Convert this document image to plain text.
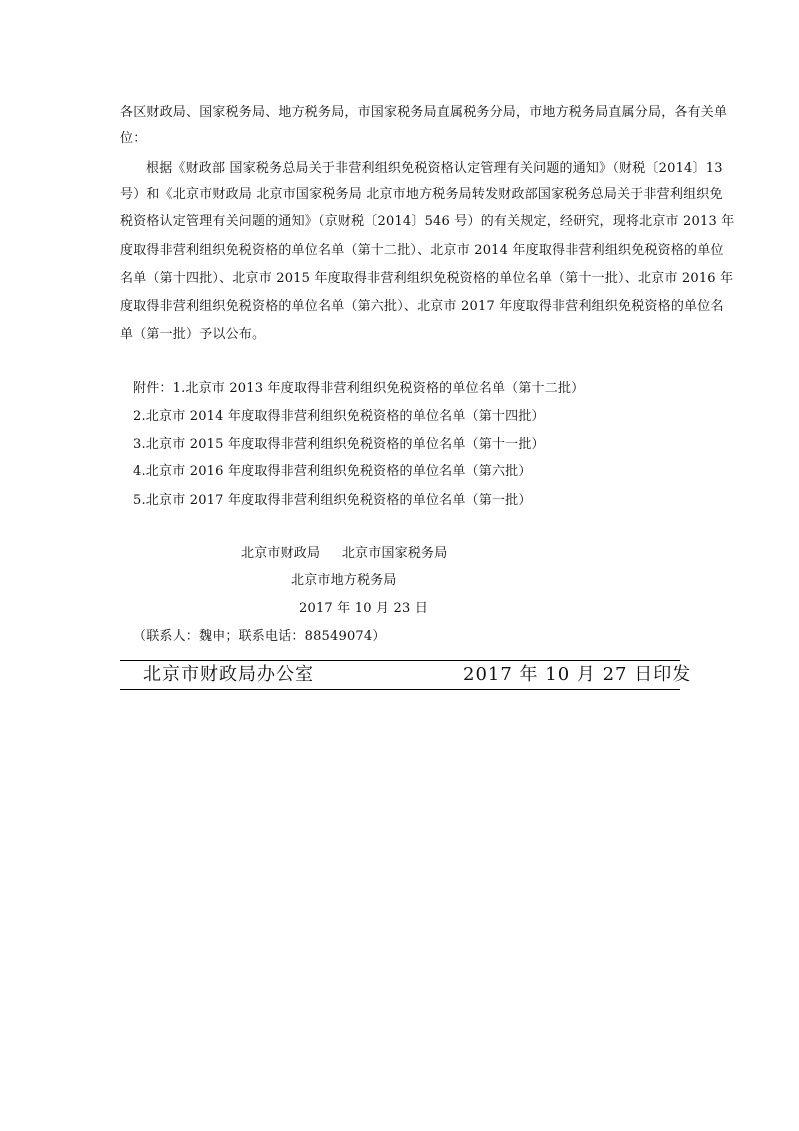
各区财政局、国家税务局、地方税务局，市国家税务局直属税务分局，市地方税务局直属分局，各有关单
位：
根据《财政部 国家税务总局关于非营利组织免税资格认定管理有关问题的通知》（财税〔2014〕13
号）和《北京市财政局 北京市国家税务局 北京市地方税务局转发财政部国家税务总局关于非营利组织免
税资格认定管理有关问题的通知》（京财税〔2014〕546 号）的有关规定，经研究，现将北京市 2013 年
度取得非营利组织免税资格的单位名单（第十二批）、北京市 2014 年度取得非营利组织免税资格的单位
名单（第十四批）、北京市 2015 年度取得非营利组织免税资格的单位名单（第十一批）、北京市 2016 年
度取得非营利组织免税资格的单位名单（第六批）、北京市 2017 年度取得非营利组织免税资格的单位名
单（第一批）予以公布。
附件：1.北京市 2013 年度取得非营利组织免税资格的单位名单（第十二批）
2.北京市 2014 年度取得非营利组织免税资格的单位名单（第十四批）
3.北京市 2015 年度取得非营利组织免税资格的单位名单（第十一批）
4.北京市 2016 年度取得非营利组织免税资格的单位名单（第六批）
5.北京市 2017 年度取得非营利组织免税资格的单位名单（第一批）
北京市财政局     北京市国家税务局
北京市地方税务局
2017 年 10 月 23 日
（联系人：魏申；联系电话：88549074）
北京市财政局办公室	2017 年 10 月 27 日印发
